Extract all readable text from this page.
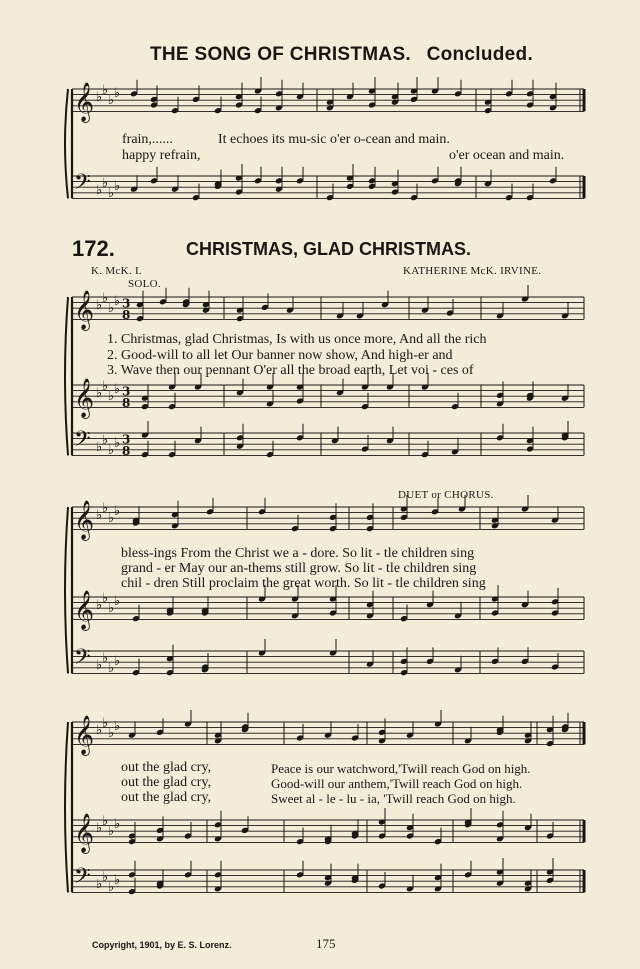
𝄞 ♭ ♭
♭ ♭
𝄢 ♭ ♭
♭ ♭
𝄞 ♭ ♭
♭ ♭ 3
8
𝄞 ♭ ♭
♭ ♭ 3
8
𝄢 ♭ ♭
♭ ♭ 3
8
𝄞 ♭ ♭
♭ ♭
𝄞 ♭ ♭
♭ ♭
𝄢 ♭ ♭
♭ ♭
𝄞 ♭ ♭
♭ ♭
𝄞 ♭ ♭
♭ ♭
𝄢 ♭ ♭
♭ ♭
THE SONG OF CHRISTMAS. Concluded.
frain,......	It echoes its mu-sic o'er o-cean and main.
happy refrain,	o'er ocean and main.
172.	CHRISTMAS, GLAD CHRISTMAS.
K. McK. I.	KATHERINE McK. IRVINE.
SOLO.
1. Christmas, glad Christmas, Is with us once more, And all the rich
2. Good-will to all let Our banner now show, And high-er and
3. Wave then our pennant O'er all the broad earth, Let voi - ces of
DUET or CHORUS.
bless-ings From the Christ we a - dore. So lit - tle children sing
grand - er May our an-thems still grow. So lit - tle children sing
chil - dren Still proclaim the great worth. So lit - tle children sing
out the glad cry,
out the glad cry,
out the glad cry,
Peace is our watchword,'Twill reach God on high.
Good-will our anthem,'Twill reach God on high.
Sweet al - le - lu - ia, 'Twill reach God on high.
Copyright, 1901, by E. S. Lorenz.	175
